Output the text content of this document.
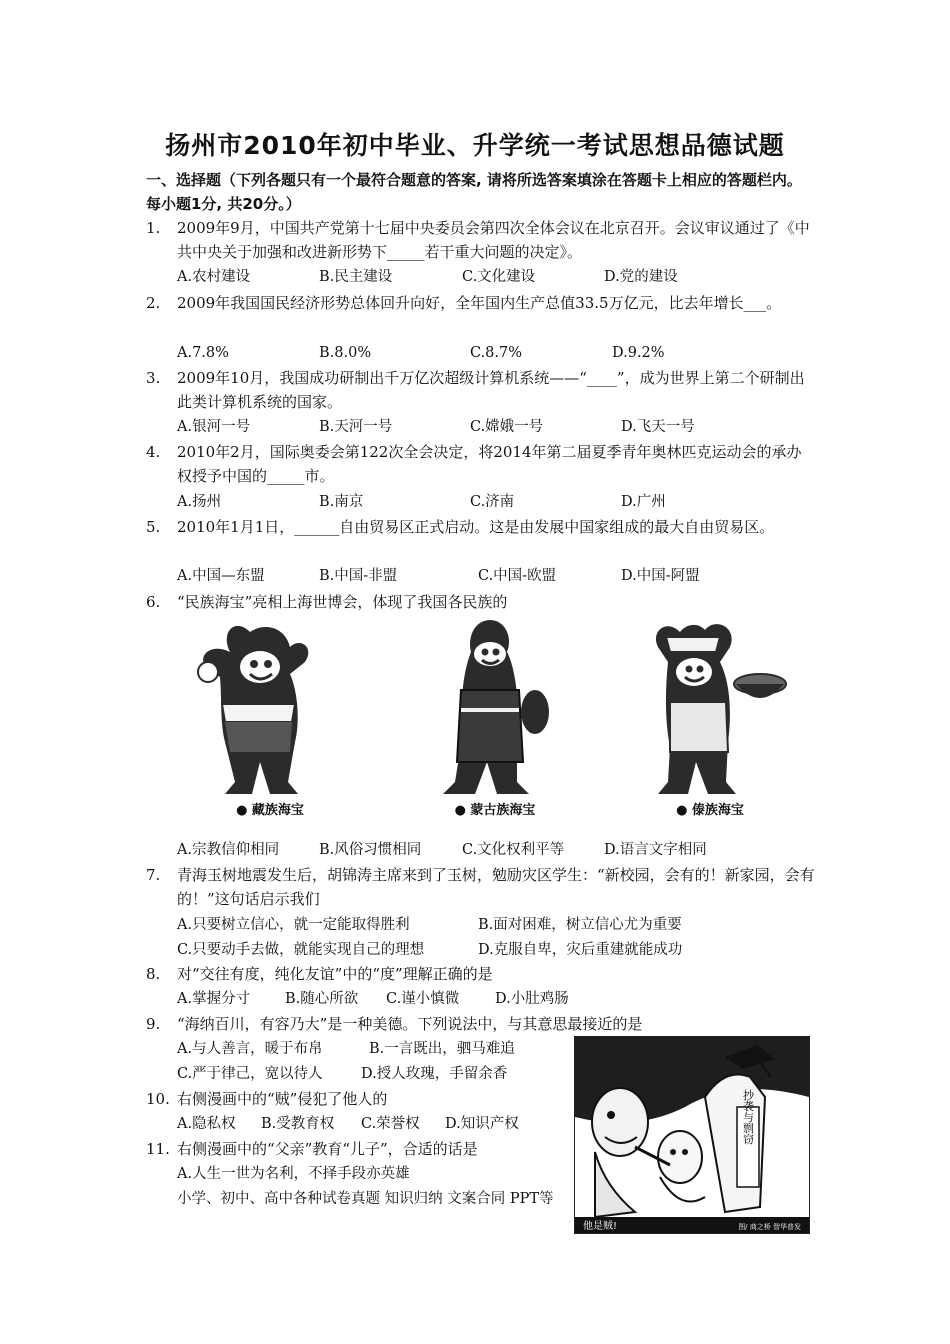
扬州市2010年初中毕业、升学统一考试思想品德试题
一、选择题（下列各题只有一个最符合题意的答案, 请将所选答案填涂在答题卡上相应的答题栏内。每小题1分, 共20分。）
1.	2009年9月，中国共产党第十七届中央委员会第四次全体会议在北京召开。会议审议通过了《中共中央关于加强和改进新形势下_____若干重大问题的决定》。
A.农村建设	B.民主建设	C.文化建设	D.党的建设
2.	2009年我国国民经济形势总体回升向好，全年国内生产总值33.5万亿元，比去年增长___。
A.7.8%	B.8.0%	C.8.7%	D.9.2%
3.	2009年10月，我国成功研制出千万亿次超级计算机系统——“____”，成为世界上第二个研制出此类计算机系统的国家。
A.银河一号	B.天河一号	C.嫦娥一号	D.飞天一号
4.	2010年2月，国际奥委会第122次全会决定，将2014年第二届夏季青年奥林匹克运动会的承办权授予中国的_____市。
A.扬州	B.南京	C.济南	D.广州
5.	2010年1月1日，______自由贸易区正式启动。这是由发展中国家组成的最大自由贸易区。
A.中国—东盟	B.中国-非盟	C.中国-欧盟	D.中国-阿盟
6.	“民族海宝”亮相上海世博会，体现了我国各民族的
● 藏族海宝	● 蒙古族海宝	● 傣族海宝
A.宗教信仰相同	B.风俗习惯相同	C.文化权利平等	D.语言文字相同
7.	青海玉树地震发生后，胡锦涛主席来到了玉树，勉励灾区学生：“新校园，会有的！新家园，会有的！”这句话启示我们
A.只要树立信心，就一定能取得胜利	B.面对困难，树立信心尤为重要
C.只要动手去做，就能实现自己的理想	D.克服自卑，灾后重建就能成功
8.	对“交往有度，纯化友谊”中的“度”理解正确的是
A.掌握分寸 B.随心所欲 C.谨小慎微 D.小肚鸡肠
9.	“海纳百川，有容乃大”是一种美德。下列说法中，与其意思最接近的是
A.与人善言，暖于布帛	B.一言既出，驷马难追
C.严于律己，宽以待人	D.授人玫瑰，手留余香
10. 右侧漫画中的“贼”侵犯了他人的
A.隐私权 B.受教育权 C.荣誉权 D.知识产权
11. 右侧漫画中的“父亲”教育“儿子”，合适的话是
A.人生一世为名利，不择手段亦英雄
小学、初中、高中各种试卷真题 知识归纳 文案合同 PPT等
抄袭与剽窃
他是贼!	图/ 商之桥 智华普发
